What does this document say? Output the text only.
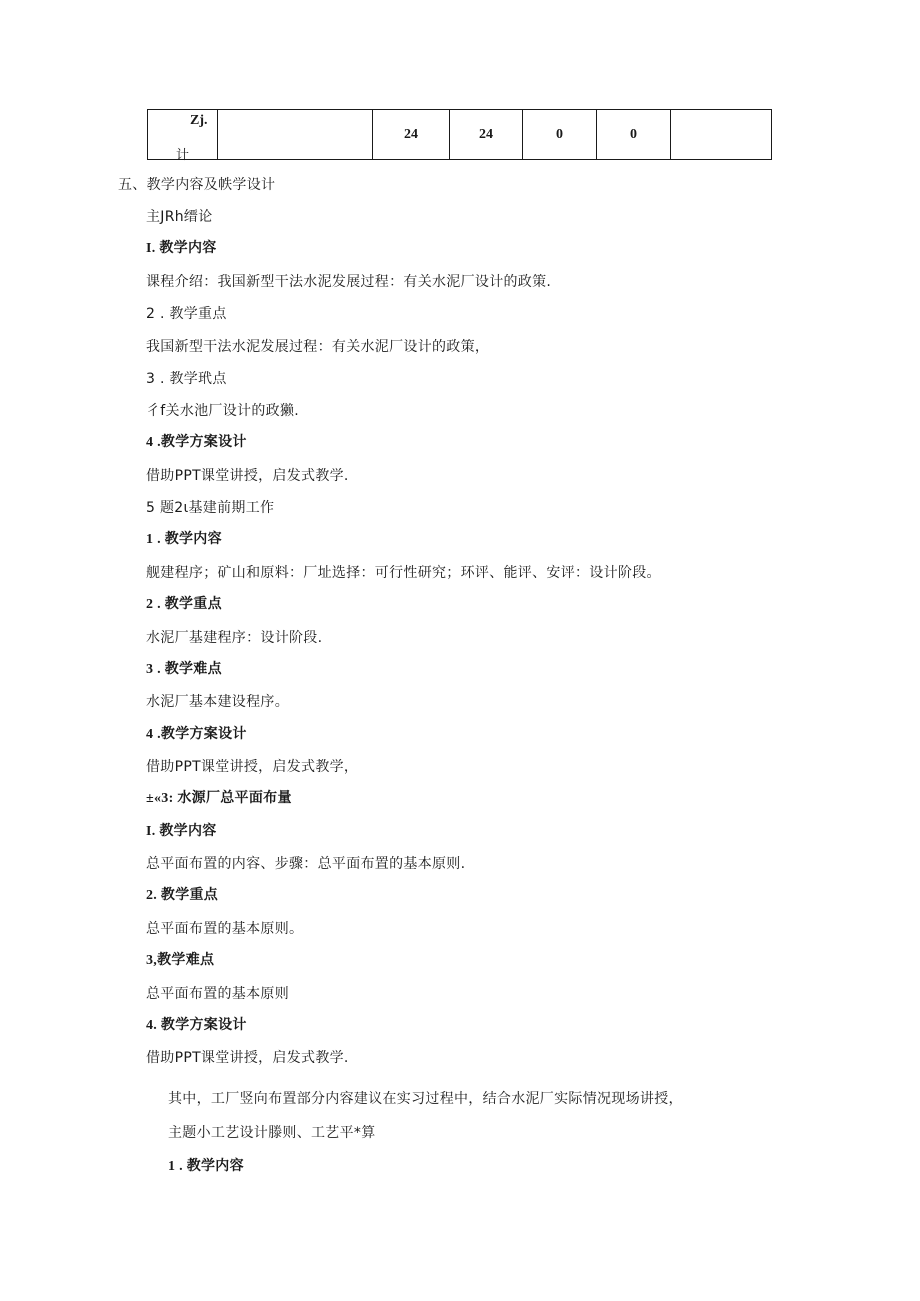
Zj.
计
		24	24	0	0	
五、教学内容及帙学设计
主JRh缙论
I. 教学内容
课程介绍：我国新型干法水泥发展过程：有关水泥厂设计的政策.
2 . 教学重点
我国新型干法水泥发展过程：有关水泥厂设计的政策，
3 . 教学玳点
彳f关水池厂设计的政獭.
4 .教学方案设计
借助PPT课堂讲授，启发式教学.
5 题2ι基建前期工作
1 . 教学内容
舰建程序；矿山和原料：厂址选择：可行性研究；环评、能评、安评：设计阶段。
2 . 教学重点
水泥厂基建程序：设计阶段.
3 . 教学难点
水泥厂基本建设程序。
4 .教学方案设计
借助PPT课堂讲授，启发式教学，
±«3: 水源厂总平面布量
I. 教学内容
总平面布置的内容、步骤：总平面布置的基本原则.
2. 教学重点
总平面布置的基本原则。
3,教学难点
总平面布置的基本原则
4. 教学方案设计
借助PPT课堂讲授，启发式教学.
其中，工厂竖向布置部分内容建议在实习过程中，结合水泥厂实际情况现场讲授，
主题小工艺设计滕则、工艺平*算
1 . 教学内容
